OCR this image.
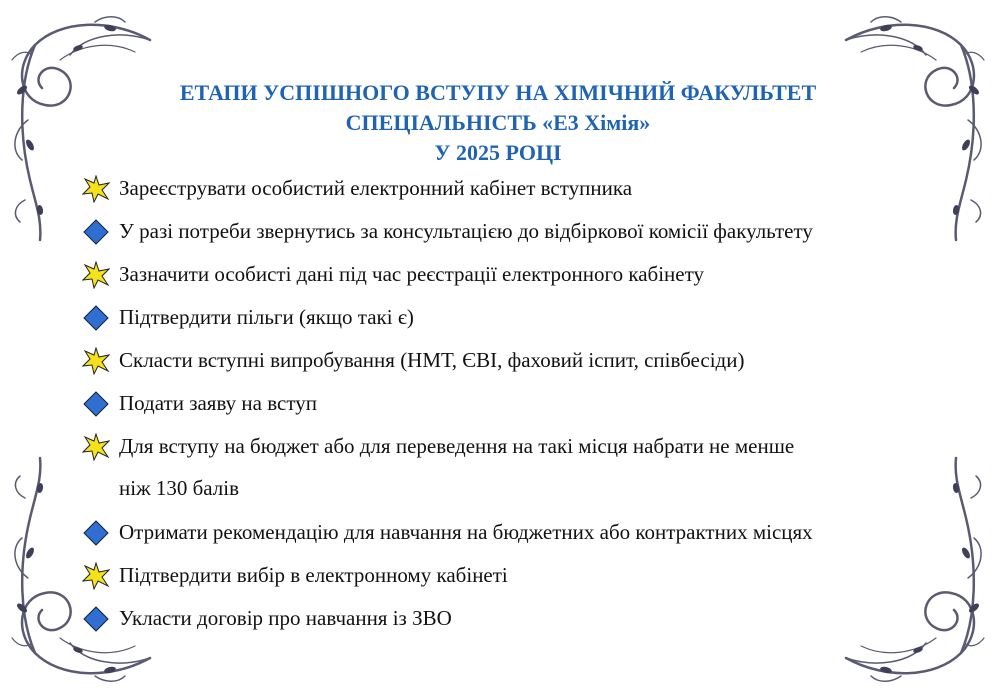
ЕТАПИ УСПІШНОГО ВСТУПУ НА ХІМІЧНИЙ ФАКУЛЬТЕТ
СПЕЦІАЛЬНІСТЬ «Е3 Хімія»
У 2025 РОЦІ
Зареєструвати особистий електронний кабінет вступника
У разі потреби звернутись за консультацією до відбіркової комісії факультету
Зазначити особисті дані під час реєстрації електронного кабінету
Підтвердити пільги (якщо такі є)
Скласти вступні випробування (НМТ, ЄВІ, фаховий іспит, співбесіди)
Подати заяву на вступ
Для вступу на бюджет або для переведення на такі місця набрати не менше
ніж 130 балів
Отримати рекомендацію для навчання на бюджетних або контрактних місцях
Підтвердити вибір в електронному кабінеті
Укласти договір про навчання із ЗВО
